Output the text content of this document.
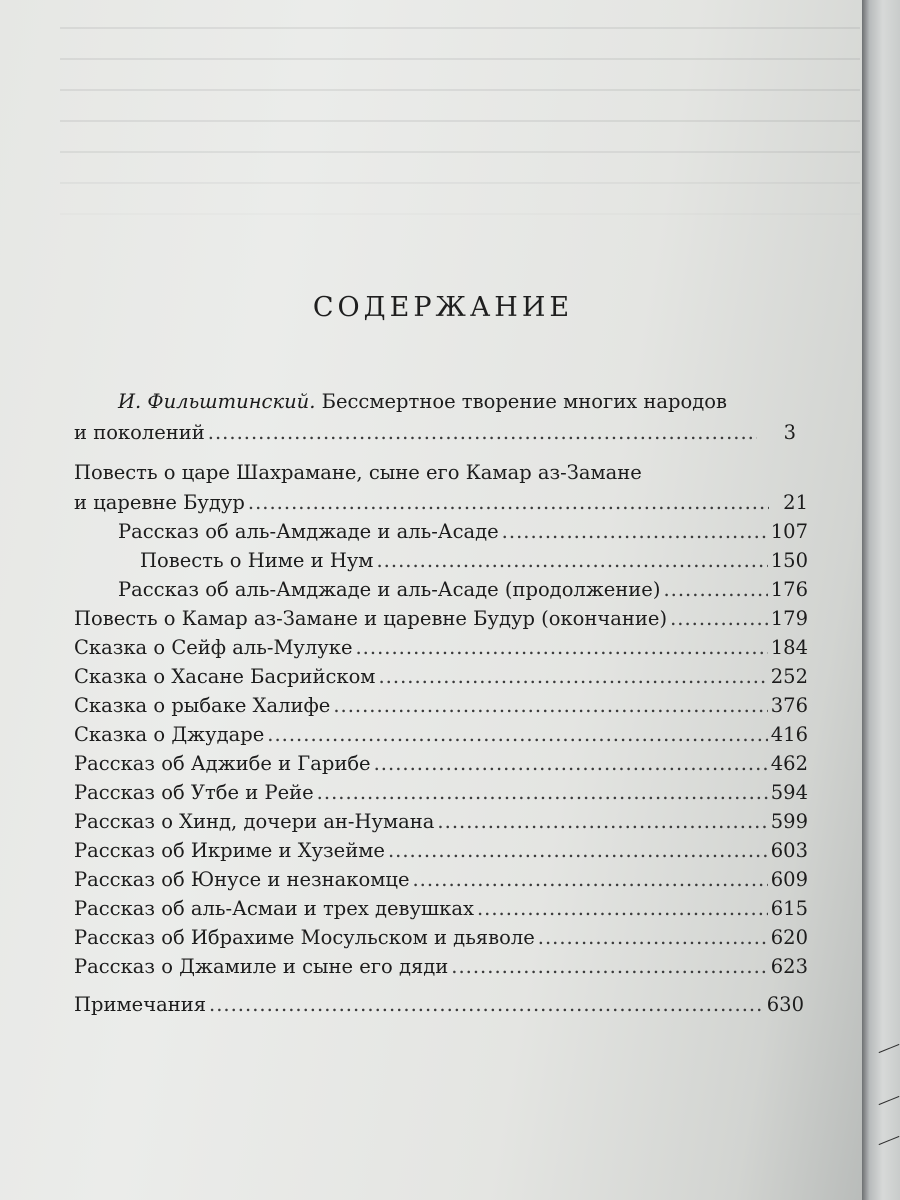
СОДЕРЖАНИЕ
И. Фильштинский. Бессмертное творение многих народов
и поколений .....	3
Повесть о царе Шахрамане, сыне его Камар аз-Замане
и царевне Будур .....	21
Рассказ об аль-Амджаде и аль-Асаде .....	107
Повесть о Ниме и Нум .....	150
Рассказ об аль-Амджаде и аль-Асаде (продолжение) .....	176
Повесть о Камар аз-Замане и царевне Будур (окончание) .....	179
Сказка о Сейф аль-Мулуке .....	184
Сказка о Хасане Басрийском .....	252
Сказка о рыбаке Халифе .....	376
Сказка о Джударе .....	416
Рассказ об Аджибе и Гарибе .....	462
Рассказ об Утбе и Рейе .....	594
Рассказ о Хинд, дочери ан-Нумана .....	599
Рассказ об Икриме и Хузейме .....	603
Рассказ об Юнусе и незнакомце .....	609
Рассказ об аль-Асмаи и трех девушках .....	615
Рассказ об Ибрахиме Мосульском и дьяволе .....	620
Рассказ о Джамиле и сыне его дяди .....	623
Примечания .....	630
